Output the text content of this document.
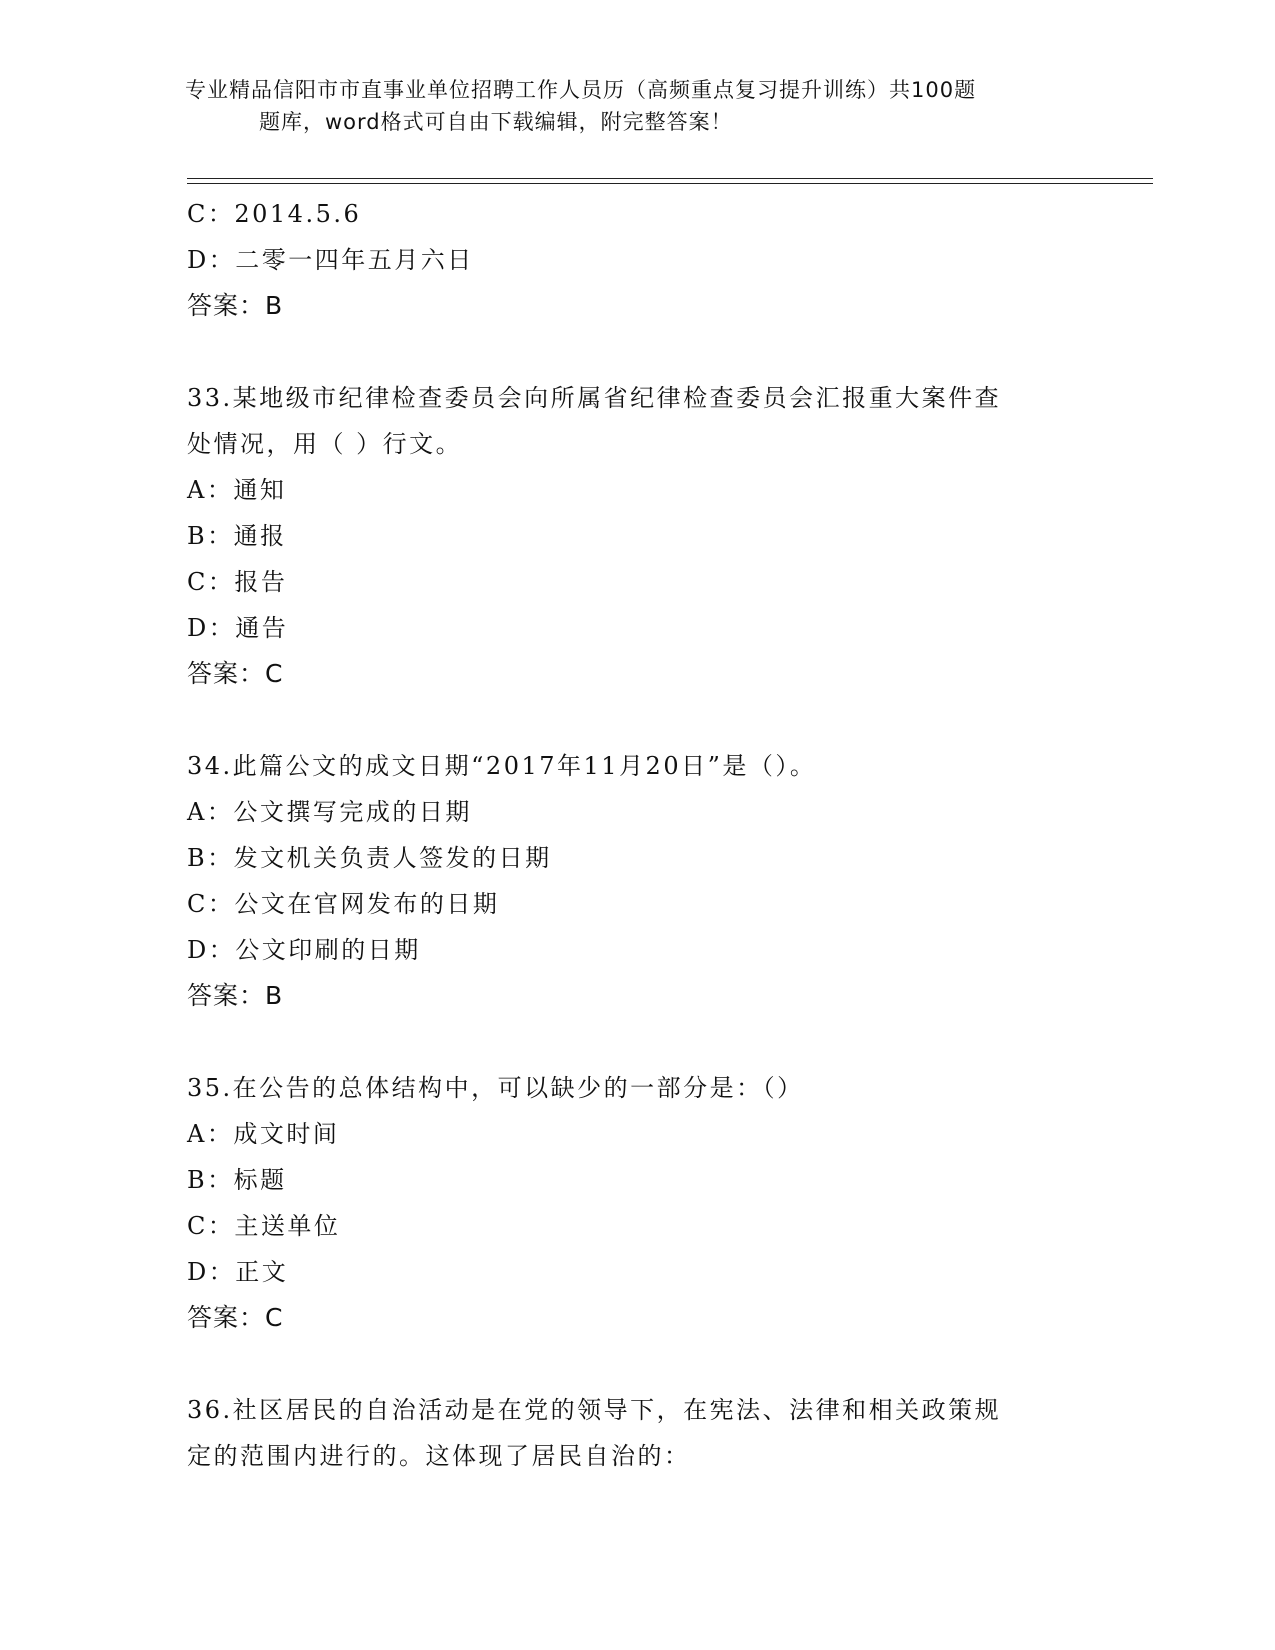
专业精品信阳市市直事业单位招聘工作人员历（高频重点复习提升训练）共100题
题库，word格式可自由下载编辑，附完整答案！
C：2014.5.6
D：二零一四年五月六日
答案：B
33.某地级市纪律检查委员会向所属省纪律检查委员会汇报重大案件查
处情况，用（ ）行文。
A：通知
B：通报
C：报告
D：通告
答案：C
34.此篇公文的成文日期“2017年11月20日”是（）。
A：公文撰写完成的日期
B：发文机关负责人签发的日期
C：公文在官网发布的日期
D：公文印刷的日期
答案：B
35.在公告的总体结构中，可以缺少的一部分是：（）
A：成文时间
B：标题
C：主送单位
D：正文
答案：C
36.社区居民的自治活动是在党的领导下，在宪法、法律和相关政策规
定的范围内进行的。这体现了居民自治的：
